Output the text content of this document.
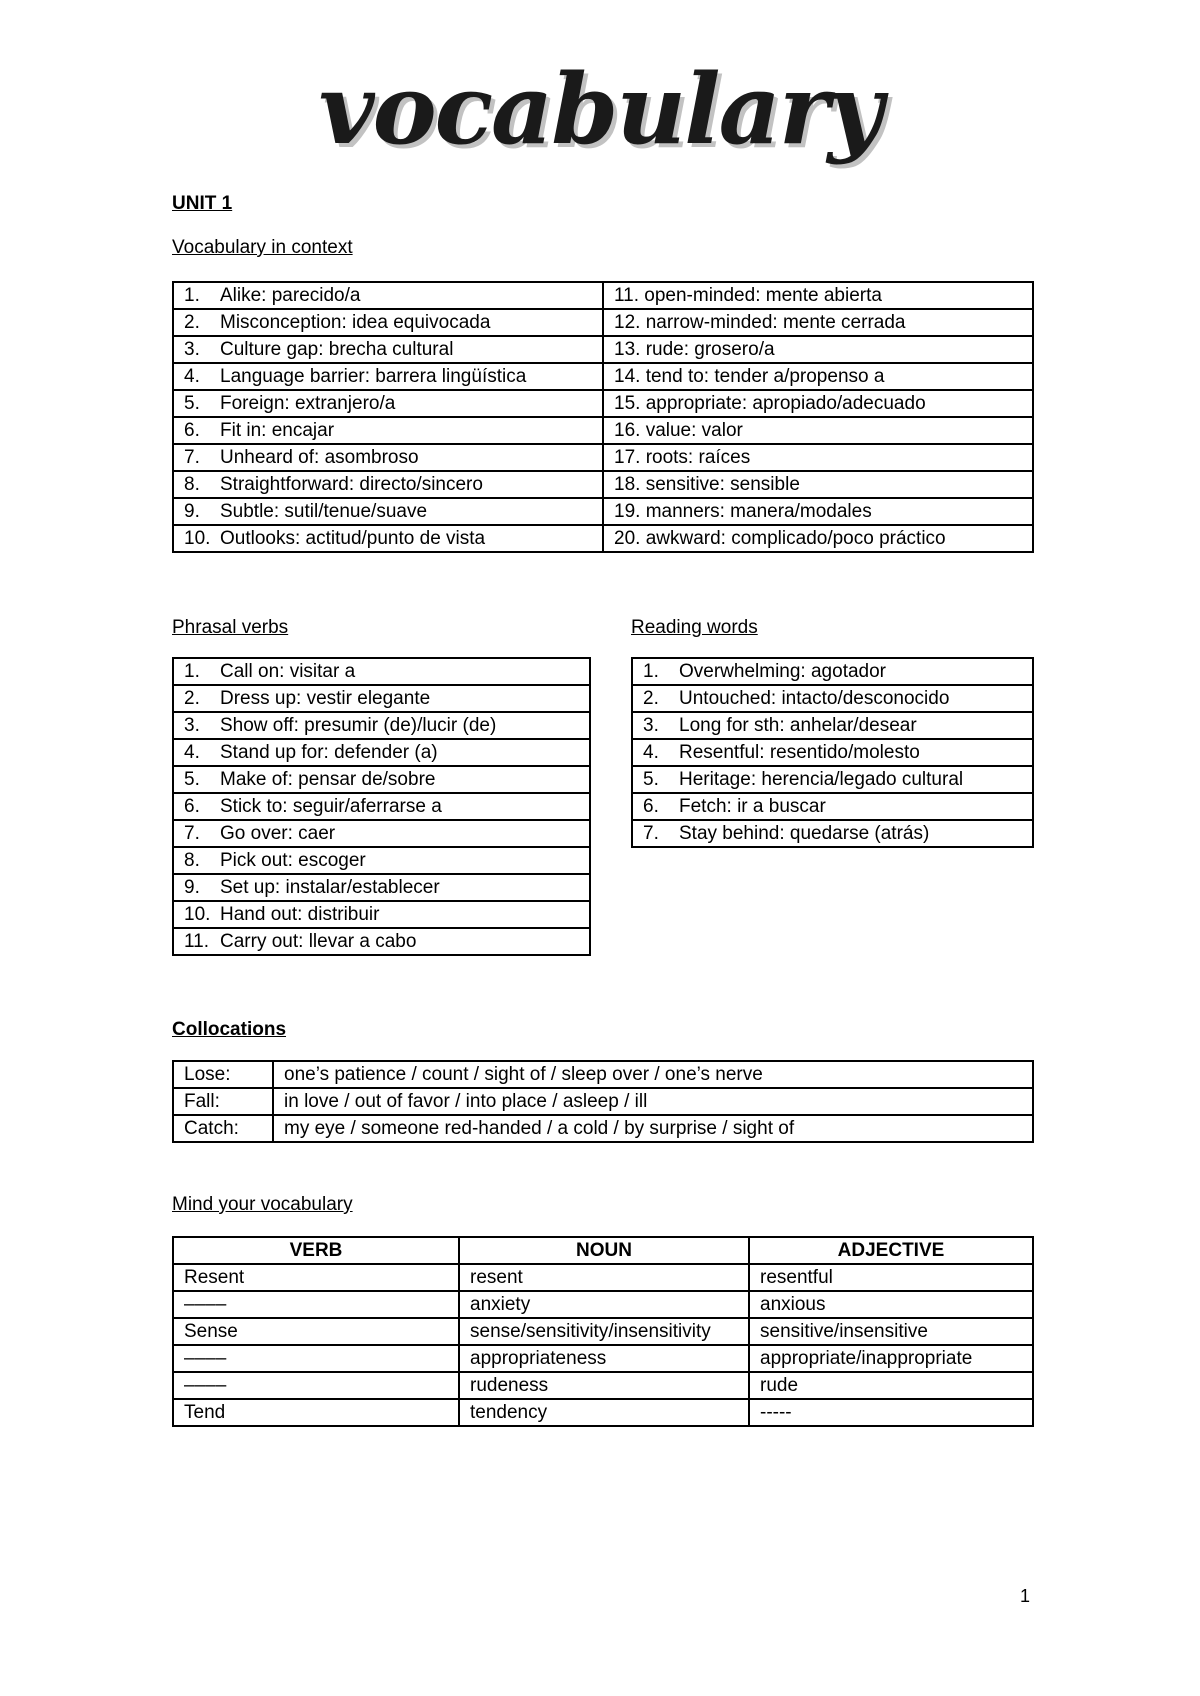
vocabulary
UNIT 1
Vocabulary in context
1. Alike: parecido/a	11. open-minded: mente abierta
2. Misconception: idea equivocada	12. narrow-minded: mente cerrada
3. Culture gap: brecha cultural	13. rude: grosero/a
4. Language barrier: barrera lingüística	14. tend to: tender a/propenso a
5. Foreign: extranjero/a	15. appropriate: apropiado/adecuado
6. Fit in: encajar	16. value: valor
7. Unheard of: asombroso	17. roots: raíces
8. Straightforward: directo/sincero	18. sensitive: sensible
9. Subtle: sutil/tenue/suave	19. manners: manera/modales
10. Outlooks: actitud/punto de vista	20. awkward: complicado/poco práctico
Phrasal verbs
1. Call on: visitar a
2. Dress up: vestir elegante
3. Show off: presumir (de)/lucir (de)
4. Stand up for: defender (a)
5. Make of: pensar de/sobre
6. Stick to: seguir/aferrarse a
7. Go over: caer
8. Pick out: escoger
9. Set up: instalar/establecer
10. Hand out: distribuir
11. Carry out: llevar a cabo
Reading words
1. Overwhelming: agotador
2. Untouched: intacto/desconocido
3. Long for sth: anhelar/desear
4. Resentful: resentido/molesto
5. Heritage: herencia/legado cultural
6. Fetch: ir a buscar
7. Stay behind: quedarse (atrás)
Collocations
Lose:	one’s patience / count / sight of / sleep over / one’s nerve
Fall:	in love / out of favor / into place / asleep / ill
Catch:	my eye / someone red-handed / a cold / by surprise / sight of
Mind your vocabulary
VERB	NOUN	ADJECTIVE
Resent	resent	resentful
––––	anxiety	anxious
Sense	sense/sensitivity/insensitivity	sensitive/insensitive
––––	appropriateness	appropriate/inappropriate
––––	rudeness	rude
Tend	tendency	-----
1
